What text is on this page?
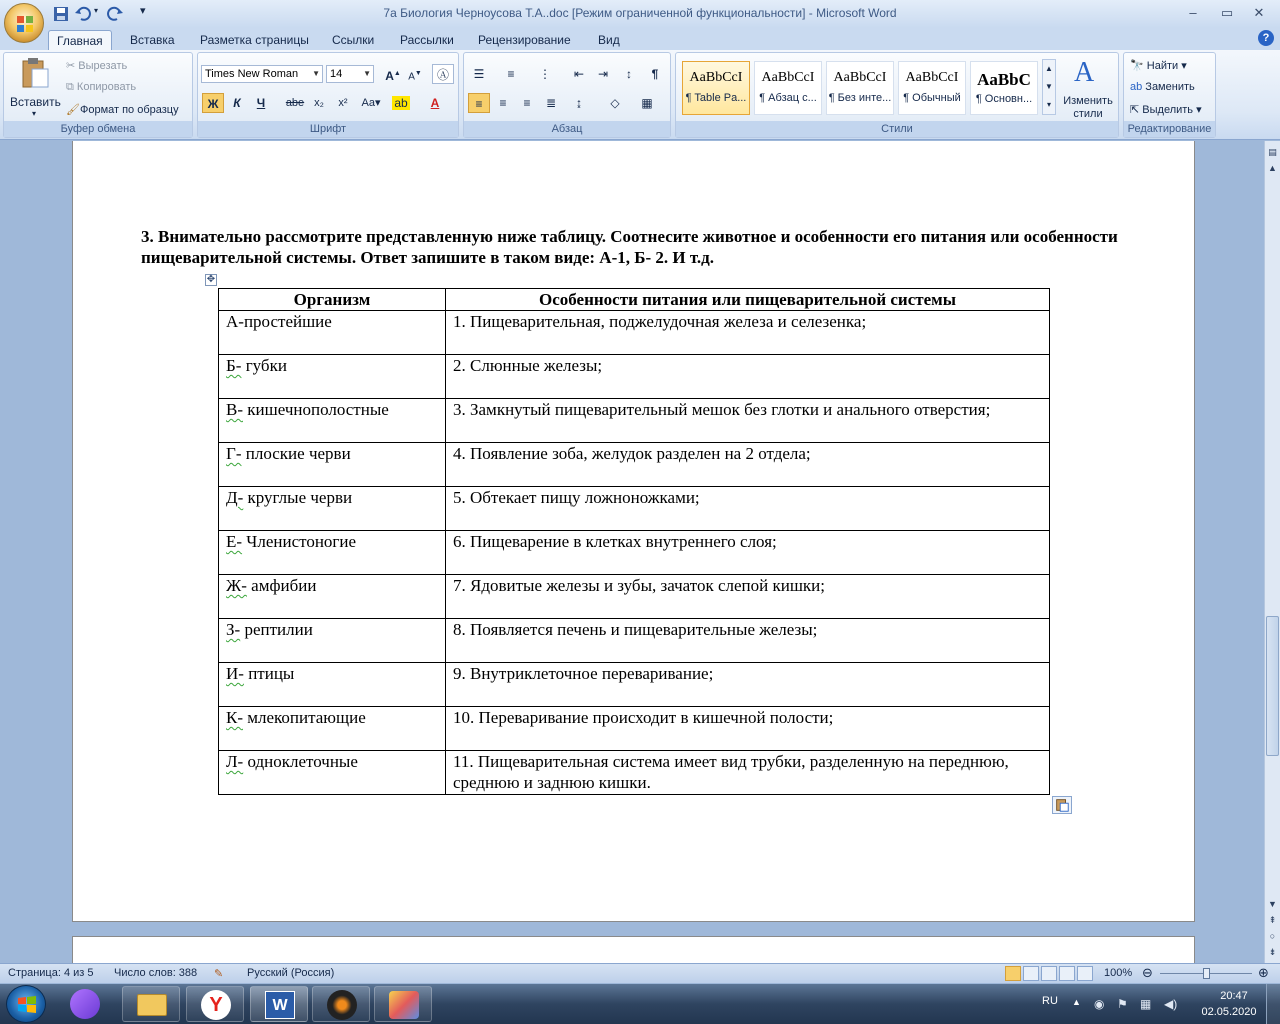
▾	▾	7а Биология Черноусова Т.А..doc [Режим ограниченной функциональности] - Microsoft Word	–	▭	✕
Главная	Вставка	Разметка страницы	Ссылки	Рассылки	Рецензирование	Вид	?
Вставить
▾
✂ Вырезать
⧉ Копировать
🖌Формат по образцу
Буфер обмена
Times New Roman ▼ 14	▼ A▲ A▼	Ⓐ
Ж	К	Ч	abe x₂	x²	Aa▾	ab	A
Шрифт
☰	≡	⋮	⇤	⇥	↕	¶
≡	≡	≡	≣	↨	◇	▦
Абзац
AaBbCcI
¶ Table Pa...
AaBbCcI
¶ Абзац с...
AaBbCcI
¶ Без инте...
AaBbCcI
¶ Обычный
AaBbC
¶ Основн...
▲
▼
▾
A
Изменить стили
Стили
🔭 Найти ▾
ab Заменить
⇱ Выделить ▾
Редактирование
3. Внимательно рассмотрите представленную ниже таблицу. Соотнесите животное и особенности его питания или особенности пищеварительной системы. Ответ запишите в таком виде: А-1, Б- 2. И т.д.
✥
Организм	Особенности питания или пищеварительной системы
А-простейшие	1. Пищеварительная, поджелудочная железа и селезенка;
Б- губки	2. Слюнные железы;
В- кишечнополостные	3. Замкнутый пищеварительный мешок без глотки и анального отверстия;
Г- плоские черви	4. Появление зоба, желудок разделен на 2 отдела;
Д- круглые черви	5. Обтекает пищу ложноножками;
Е- Членистоногие	6. Пищеварение в клетках внутреннего слоя;
Ж- амфибии	7. Ядовитые железы и зубы, зачаток слепой кишки;
З- рептилии	8. Появляется печень и пищеварительные железы;
И- птицы	9. Внутриклеточное переваривание;
К- млекопитающие	10. Переваривание происходит в кишечной полости;
Л- одноклеточные	11. Пищеварительная система имеет вид трубки, разделенную на переднюю, среднюю и заднюю кишки.
▤
▲
▼
⇞
○
⇟
Страница: 4 из 5 Число слов: 388 ✎ Русский (Россия)	100% ⊖	⊕
Y	W	RU ▲	◉ ⚑ ▦ ◀)
20:47
02.05.2020
